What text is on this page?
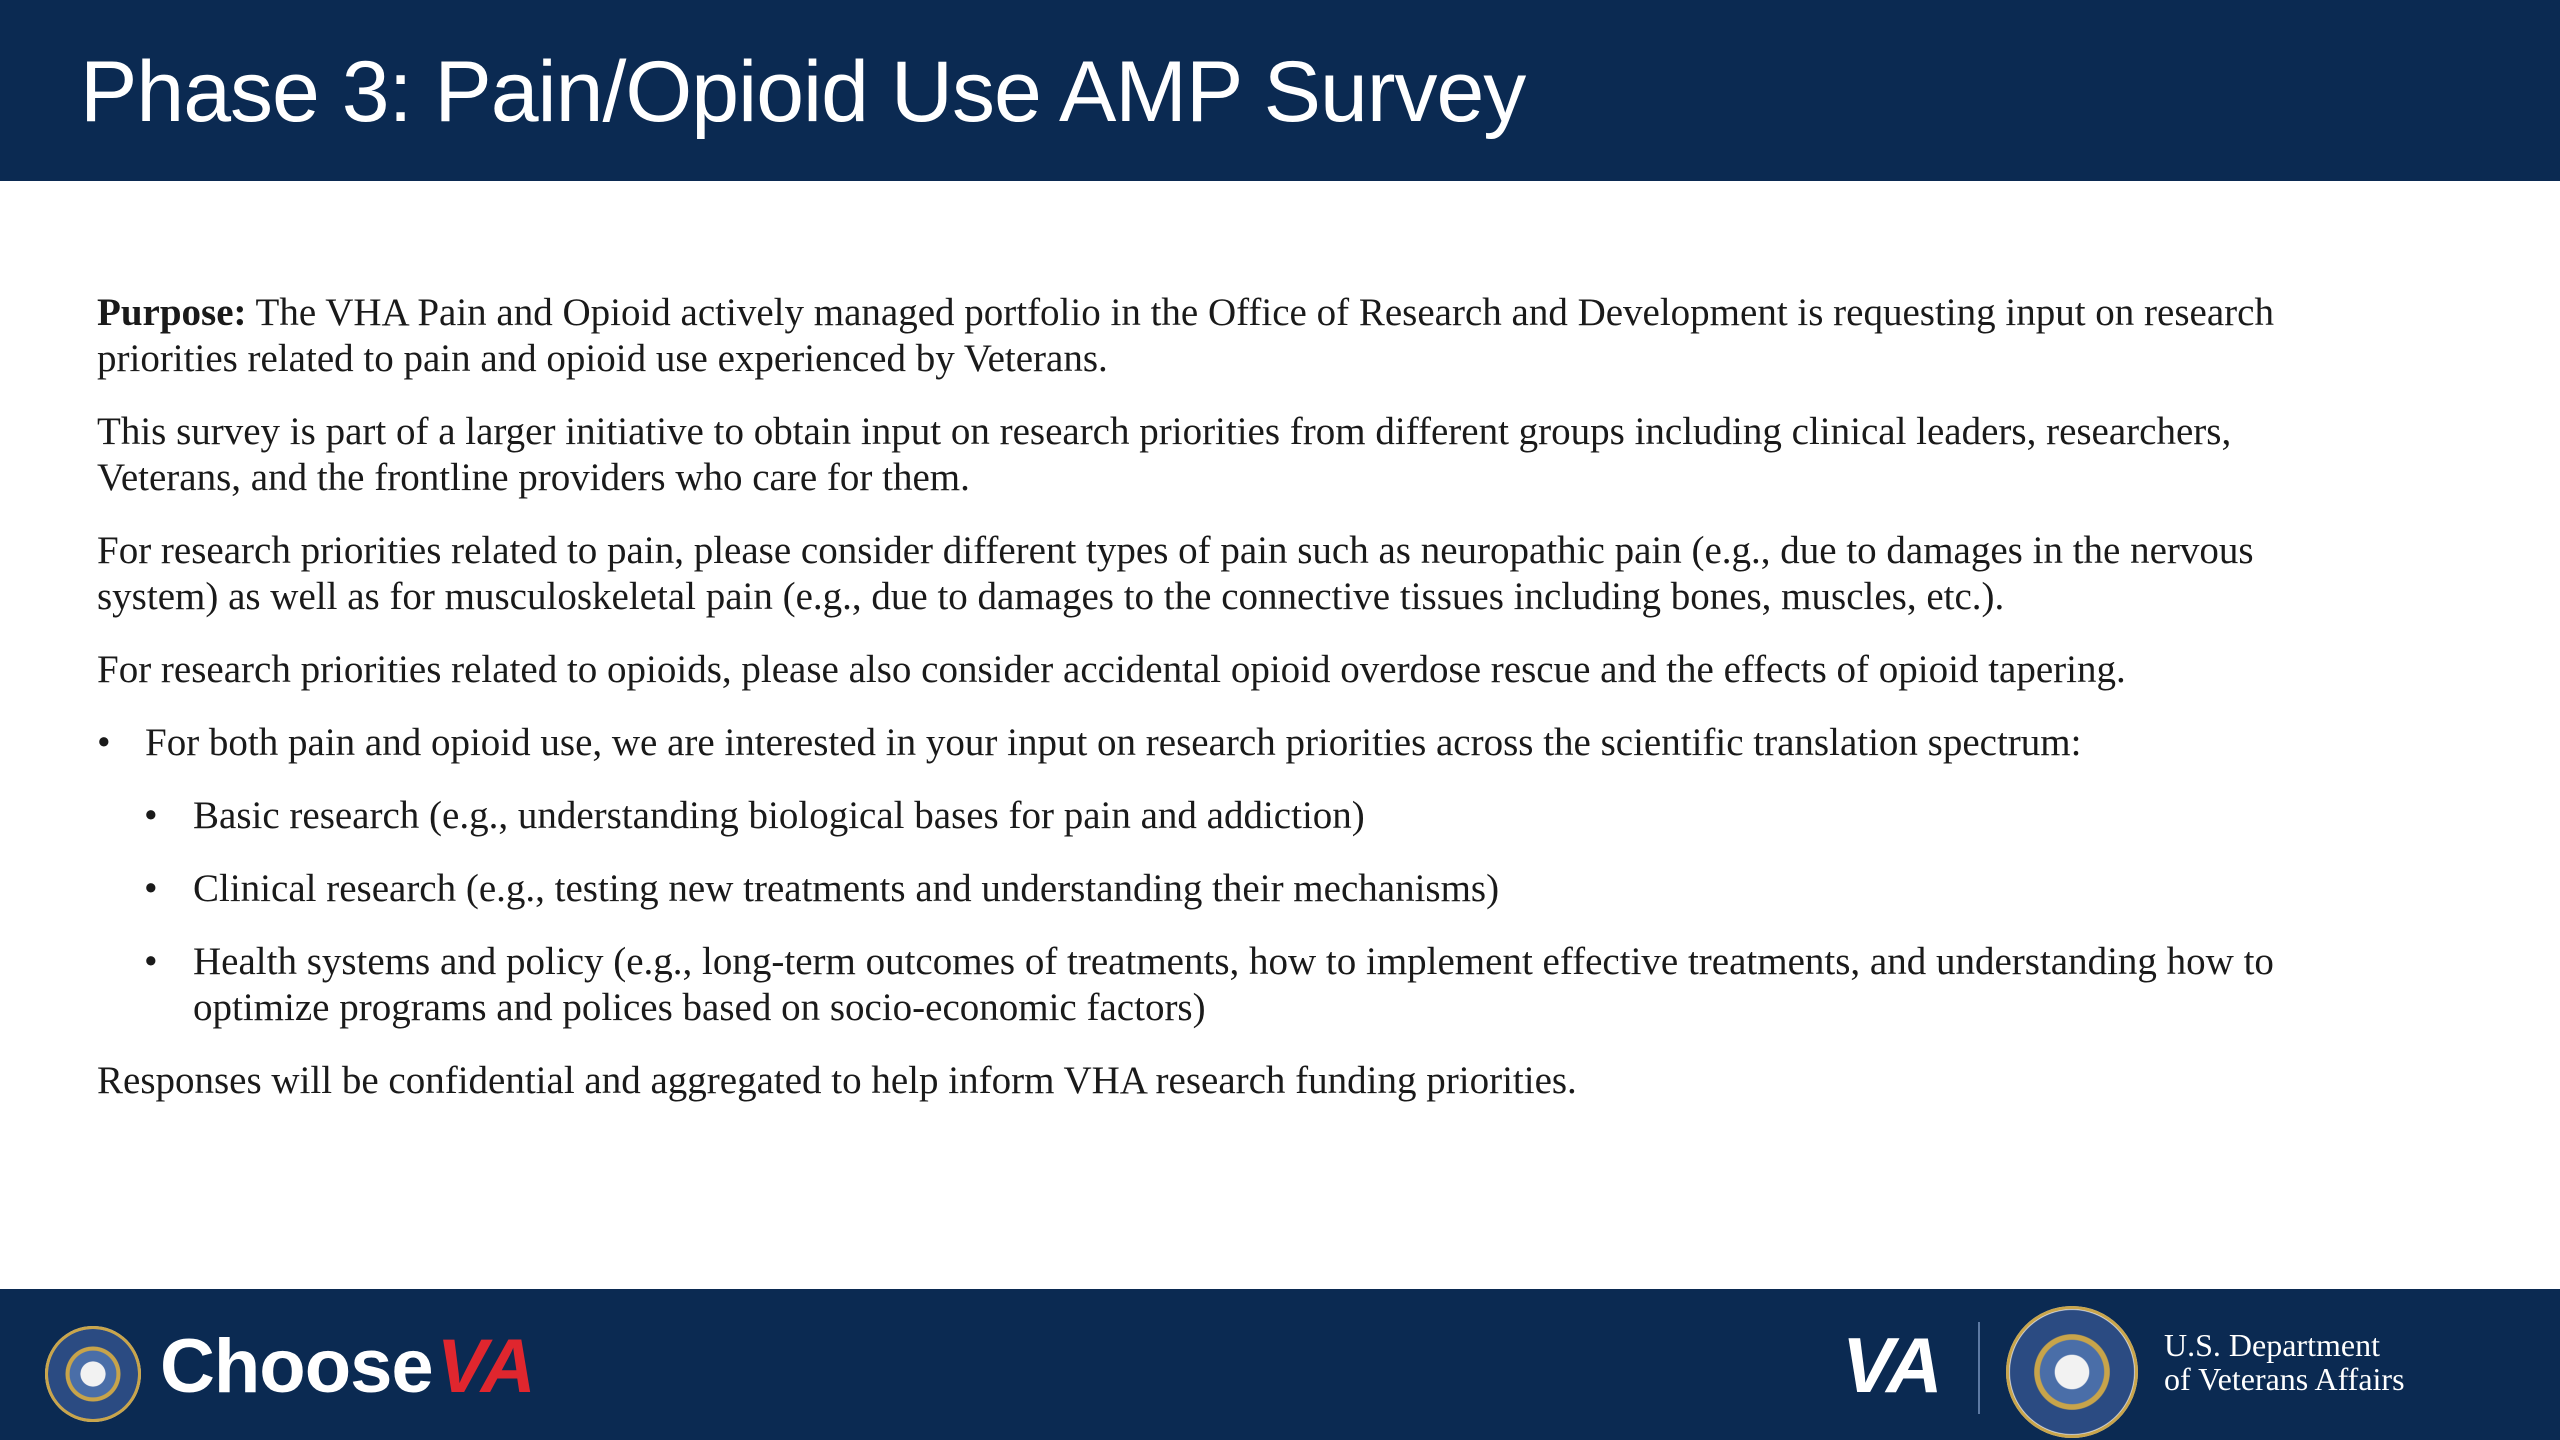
Phase 3: Pain/Opioid Use AMP Survey

Purpose: The VHA Pain and Opioid actively managed portfolio in the Office of Research and Development is requesting input on research priorities related to pain and opioid use experienced by Veterans.

This survey is part of a larger initiative to obtain input on research priorities from different groups including clinical leaders, researchers, Veterans, and the frontline providers who care for them.

For research priorities related to pain, please consider different types of pain such as neuropathic pain (e.g., due to damages in the nervous system) as well as for musculoskeletal pain (e.g., due to damages to the connective tissues including bones, muscles, etc.).

For research priorities related to opioids, please also consider accidental opioid overdose rescue and the effects of opioid tapering.

• For both pain and opioid use, we are interested in your input on research priorities across the scientific translation spectrum:

• Basic research (e.g., understanding biological bases for pain and addiction)
• Clinical research (e.g., testing new treatments and understanding their mechanisms)
• Health systems and policy (e.g., long-term outcomes of treatments, how to implement effective treatments, and understanding how to optimize programs and polices based on socio-economic factors)

Responses will be confidential and aggregated to help inform VHA research funding priorities.

ChooseVA	VA	U.S. Department
of Veterans Affairs
